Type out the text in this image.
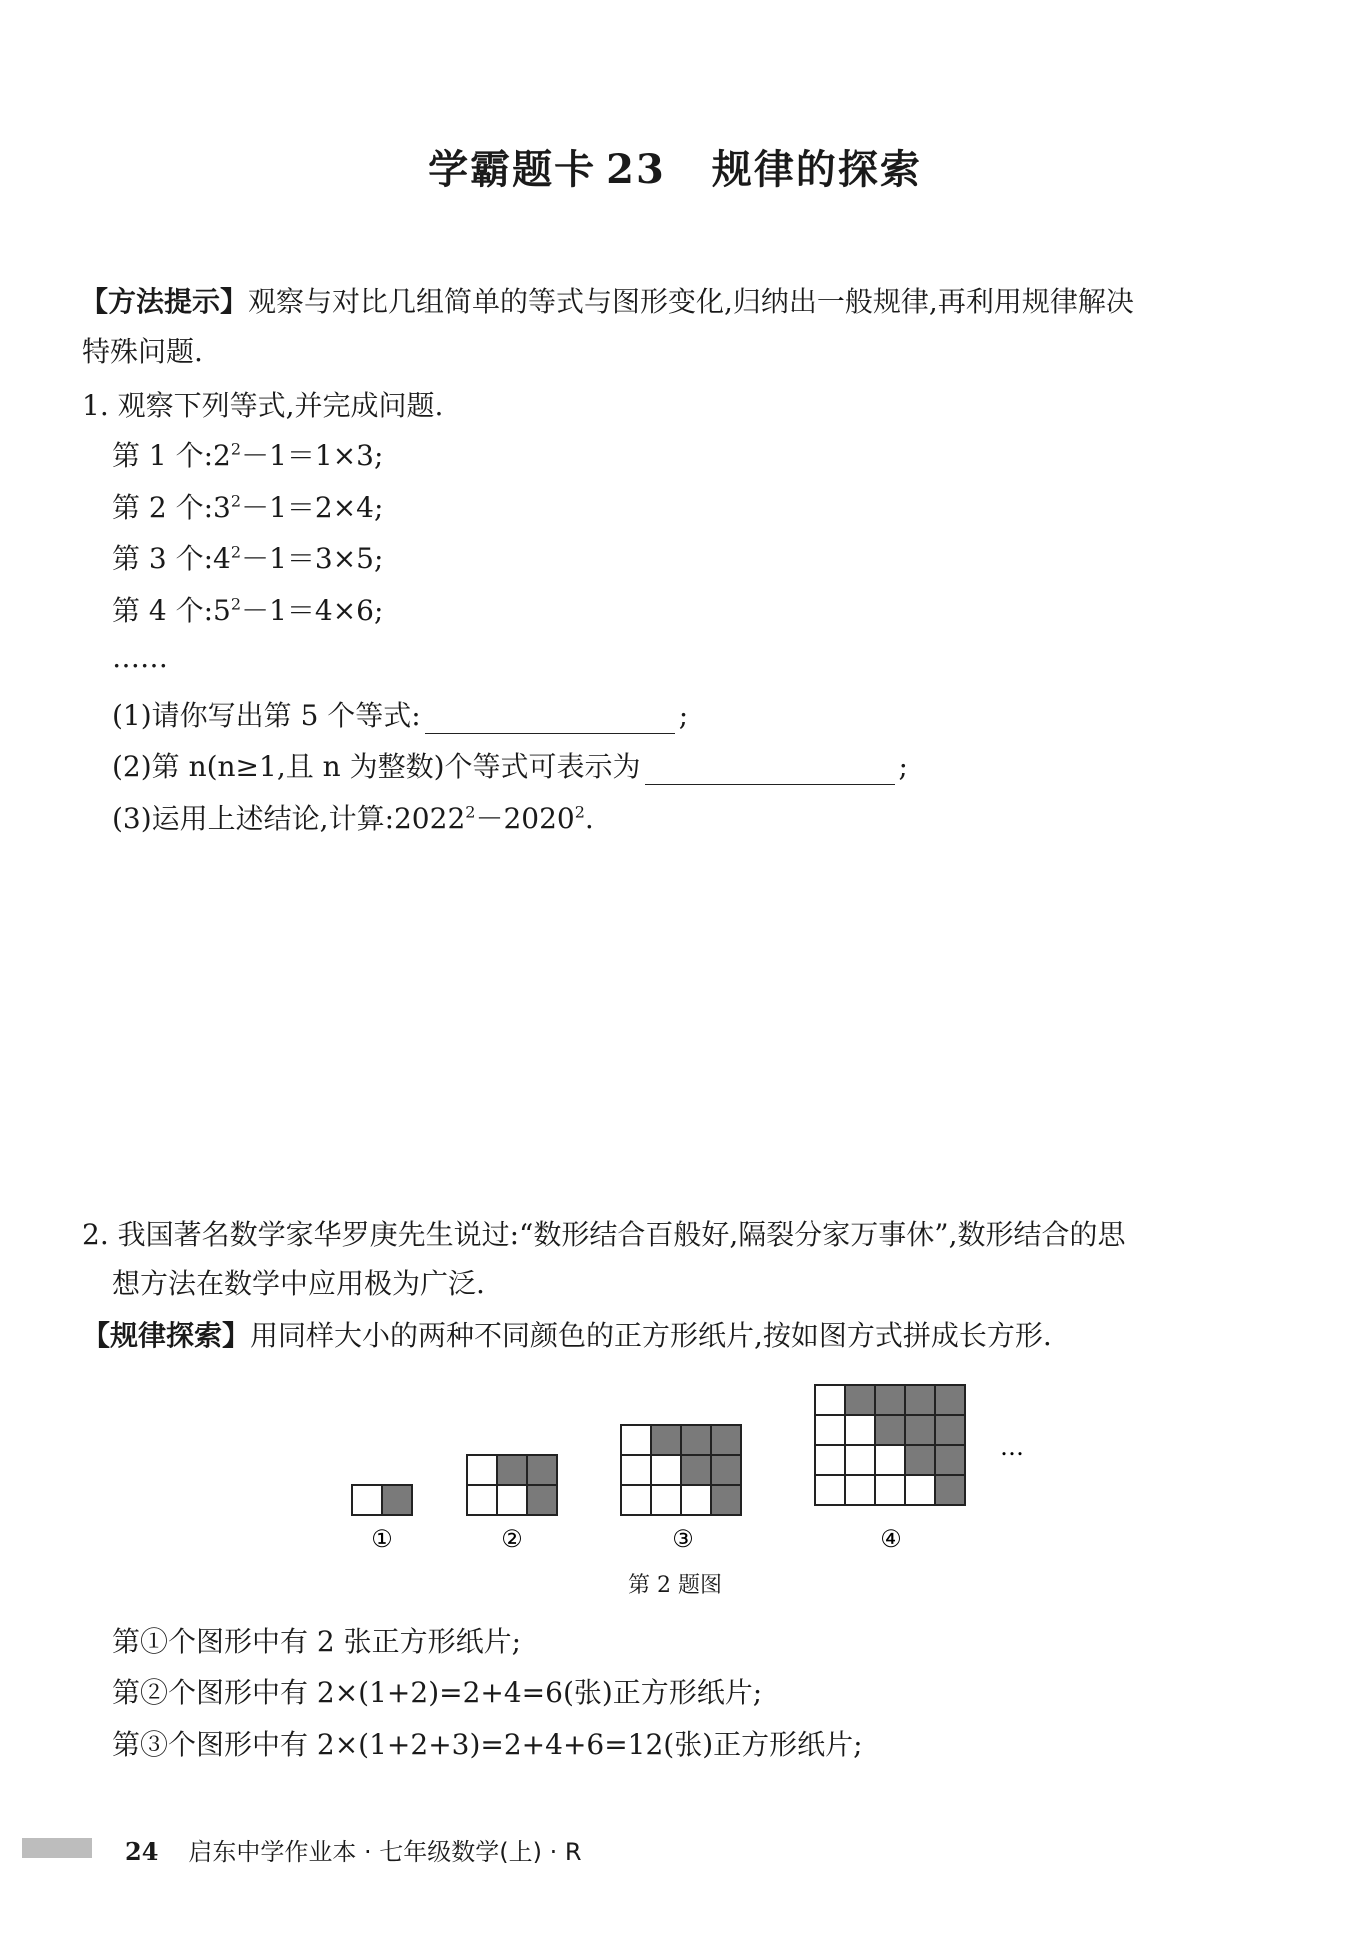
学霸题卡 23 规律的探索
【方法提示】观察与对比几组简单的等式与图形变化,归纳出一般规律,再利用规律解决
特殊问题.
1. 观察下列等式,并完成问题.
第 1 个$:2^2-1=1\times 3$;
第 2 个$:3^2-1=2\times 4$;
第 3 个$:4^2-1=3\times 5$;
第 4 个$:5^2-1=4\times 6$;
……
(1)请你写出第 5 个等式:	;
(2)第 n(n≥1,且 n 为整数)个等式可表示为	;
(3)运用上述结论,计算$:2022^2-2020^2$.
2. 我国著名数学家华罗庚先生说过:“数形结合百般好,隔裂分家万事休”,数形结合的思
想方法在数学中应用极为广泛.
【规律探索】用同样大小的两种不同颜色的正方形纸片,按如图方式拼成长方形.
①	②	③	④
…
第 2 题图
第①个图形中有 2 张正方形纸片;
第②个图形中有 2×(1+2)=2+4=6(张)正方形纸片;
第③个图形中有 2×(1+2+3)=2+4+6=12(张)正方形纸片;
24 启东中学作业本 · 七年级数学(上) · R
